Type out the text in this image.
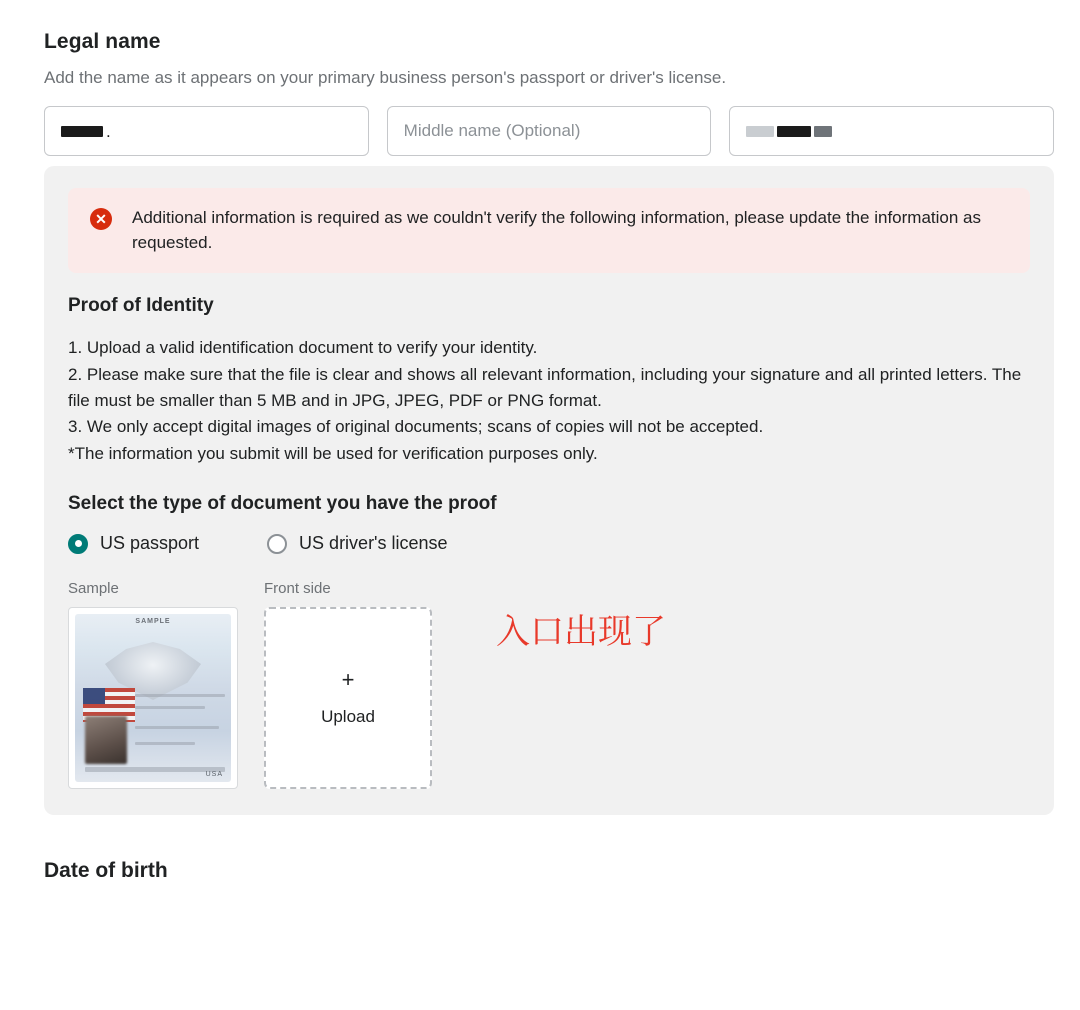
Legal name

Add the name as it appears on your primary business person's passport or driver's license.

.	Middle name (Optional)
✕	Additional information is required as we couldn't verify the following information, please update the information as requested.
Proof of Identity

1. Upload a valid identification document to verify your identity.

2. Please make sure that the file is clear and shows all relevant information, including your signature and all printed letters. The file must be smaller than 5 MB and in JPG, JPEG, PDF or PNG format.

3. We only accept digital images of original documents; scans of copies will not be accepted.

*The information you submit will be used for verification purposes only.

Select the type of document you have the proof
US passport	US driver's license
Sample
SAMPLE
USA
Front side
+
Upload
入口出现了
Date of birth
